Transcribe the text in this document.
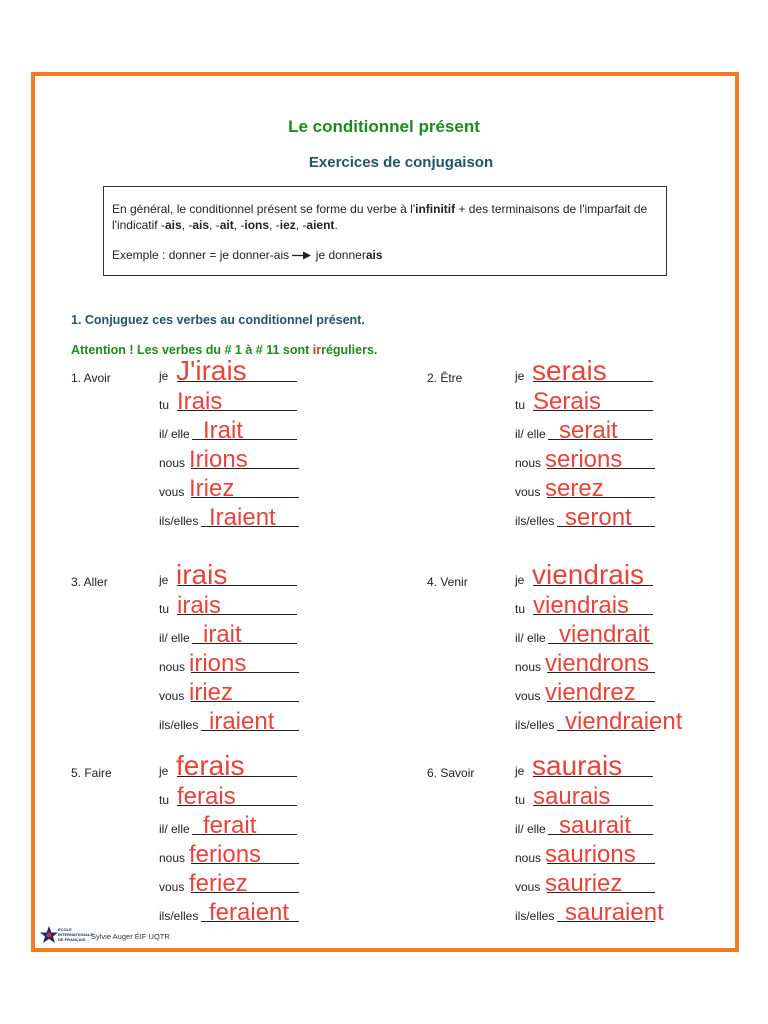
Le conditionnel présent
Exercices de conjugaison

En général, le conditionnel présent se forme du verbe à l'infinitif + des terminaisons de l'imparfait de l'indicatif -ais, -ais, -ait, -ions, -iez, -aient.

Exemple : donner = je donner-ais  je donnerais

1. Conjuguez ces verbes au conditionnel présent.
Attention ! Les verbes du # 1 à # 11 sont irréguliers.
1. Avoir	je J'irais
tu Irais
il/ elle Irait
nous Irions
vous Iriez
ils/elles Iraient
2. Être	je serais
tu Serais
il/ elle serait
nous serions
vous serez
ils/elles seront
3. Aller	je irais
tu irais
il/ elle irait
nous irions
vous iriez
ils/elles iraient
4. Venir	je viendrais
tu viendrais
il/ elle viendrait
nous viendrons
vous viendrez
ils/elles viendraient
5. Faire	je ferais
tu ferais
il/ elle ferait
nous ferions
vous feriez
ils/elles feraient
6. Savoir	je saurais
tu saurais
il/ elle saurait
nous saurions
vous sauriez
ils/elles sauraient
ÉCOLE
INTERNATIONALE
DE FRANÇAIS Sylvie Auger ÉIF UQTR
